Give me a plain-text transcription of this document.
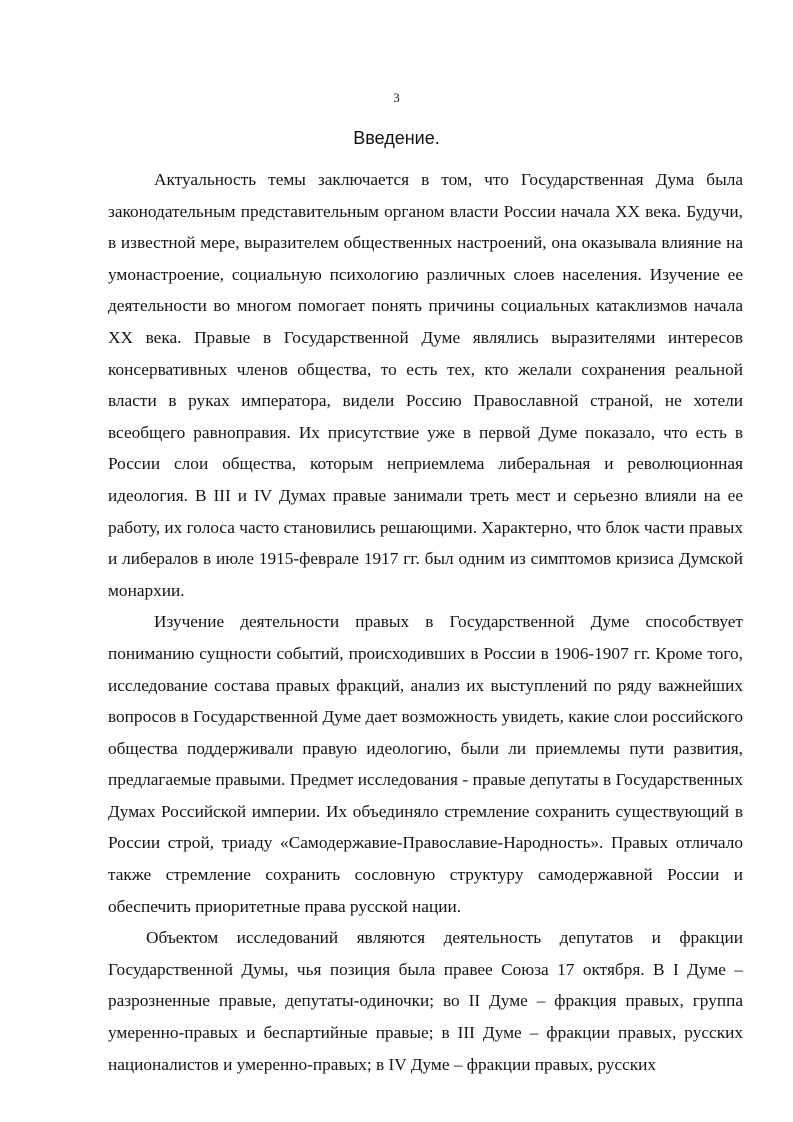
3
Введение.

Актуальность темы заключается в том, что Государственная Дума была законодательным представительным органом власти России начала XX века. Будучи, в известной мере, выразителем общественных настроений, она оказывала влияние на умонастроение, социальную психологию различных слоев населения. Изучение ее деятельности во многом помогает понять причины социальных катаклизмов начала XX века. Правые в Государственной Думе являлись выразителями интересов консервативных членов общества, то есть тех, кто желали сохранения реальной власти в руках императора, видели Россию Православной страной, не хотели всеобщего равноправия. Их присутствие уже в первой Думе показало, что есть в России слои общества, которым неприемлема либеральная и революционная идеология. В III и IV Думах правые занимали треть мест и серьезно влияли на ее работу, их голоса часто становились решающими. Характерно, что блок части правых и либералов в июле 1915-феврале 1917 гг. был одним из симптомов кризиса Думской монархии.

Изучение деятельности правых в Государственной Думе способствует пониманию сущности событий, происходивших в России в 1906-1907 гг. Кроме того, исследование состава правых фракций, анализ их выступлений по ряду важнейших вопросов в Государственной Думе дает возможность увидеть, какие слои российского общества поддерживали правую идеологию, были ли приемлемы пути развития, предлагаемые правыми. Предмет исследования - правые депутаты в Государственных Думах Российской империи. Их объединяло стремление сохранить существующий в России строй, триаду «Самодержавие-Православие-Народность». Правых отличало также стремление сохранить сословную структуру самодержавной России и обеспечить приоритетные права русской нации.

Объектом исследований являются деятельность депутатов и фракции Государственной Думы, чья позиция была правее Союза 17 октября. В I Думе – разрозненные правые, депутаты-одиночки; во II Думе – фракция правых, группа умеренно-правых и беспартийные правые; в III Думе – фракции правых, русских националистов и умеренно-правых; в IV Думе – фракции правых, русских
